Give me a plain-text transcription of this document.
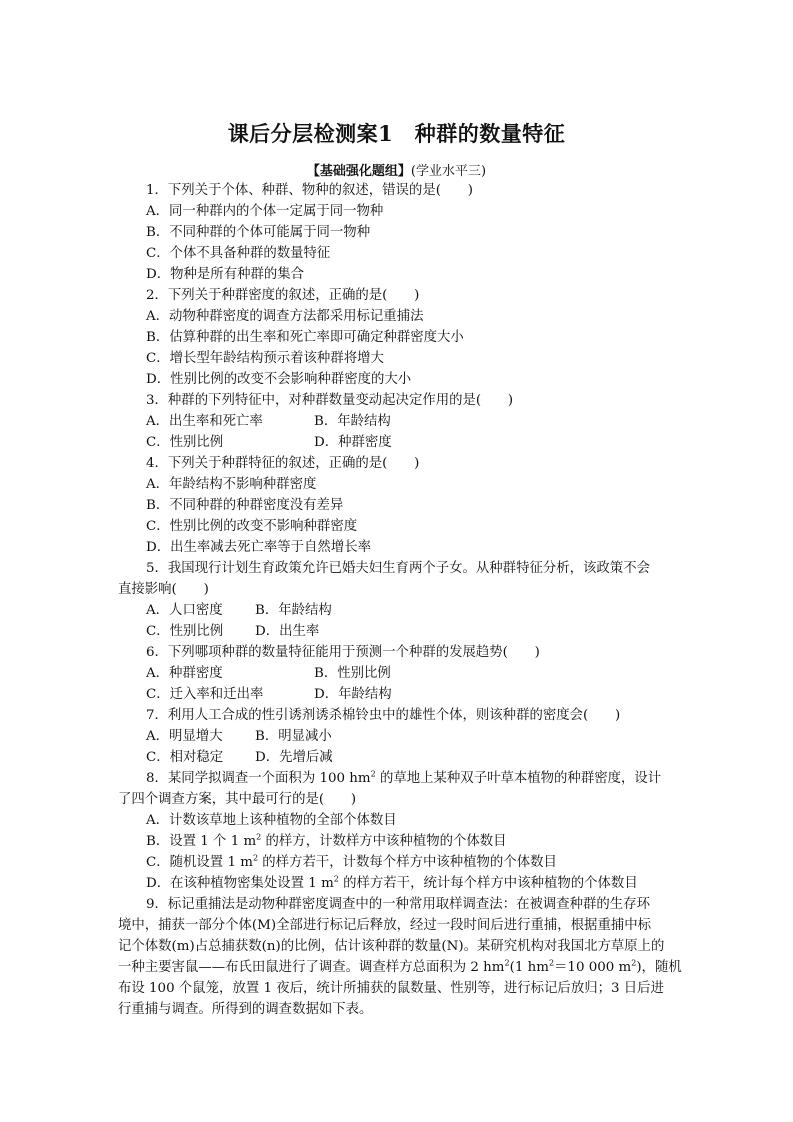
课后分层检测案1　种群的数量特征
【基础强化题组】(学业水平三)
1．下列关于个体、种群、物种的叙述，错误的是(　　)
A．同一种群内的个体一定属于同一物种
B．不同种群的个体可能属于同一物种
C．个体不具备种群的数量特征
D．物种是所有种群的集合
2．下列关于种群密度的叙述，正确的是(　　)
A．动物种群密度的调查方法都采用标记重捕法
B．估算种群的出生率和死亡率即可确定种群密度大小
C．增长型年龄结构预示着该种群将增大
D．性别比例的改变不会影响种群密度的大小
3．种群的下列特征中，对种群数量变动起决定作用的是(　　)
A．出生率和死亡率	B．年龄结构
C．性别比例	D．种群密度
4．下列关于种群特征的叙述，正确的是(　　)
A．年龄结构不影响种群密度
B．不同种群的种群密度没有差异
C．性别比例的改变不影响种群密度
D．出生率减去死亡率等于自然增长率
5．我国现行计划生育政策允许已婚夫妇生育两个子女。从种群特征分析，该政策不会
直接影响(　　)
A．人口密度 B．年龄结构
C．性别比例 D．出生率
6．下列哪项种群的数量特征能用于预测一个种群的发展趋势(　　)
A．种群密度	B．性别比例
C．迁入率和迁出率	D．年龄结构
7．利用人工合成的性引诱剂诱杀棉铃虫中的雄性个体，则该种群的密度会(　　)
A．明显增大 B．明显减小
C．相对稳定 D．先增后减
8．某同学拟调查一个面积为 100 $hm^2$ 的草地上某种双子叶草本植物的种群密度，设计
了四个调查方案，其中最可行的是(　　)
A．计数该草地上该种植物的全部个体数目
B．设置 1 个 1 $m^2$ 的样方，计数样方中该种植物的个体数目
C．随机设置 1 $m^2$ 的样方若干，计数每个样方中该种植物的个体数目
D．在该种植物密集处设置 1 $m^2$ 的样方若干，统计每个样方中该种植物的个体数目
9．标记重捕法是动物种群密度调查中的一种常用取样调查法：在被调查种群的生存环
境中，捕获一部分个体(M)全部进行标记后释放，经过一段时间后进行重捕，根据重捕中标
记个体数(m)占总捕获数(n)的比例，估计该种群的数量(N)。某研究机构对我国北方草原上的
一种主要害鼠——布氏田鼠进行了调查。调查样方总面积为 2 $hm^2(1$ $hm^2=10$ 000 $m^2$)，随机
布设 100 个鼠笼，放置 1 夜后，统计所捕获的鼠数量、性别等，进行标记后放归；3 日后进
行重捕与调查。所得到的调查数据如下表。
